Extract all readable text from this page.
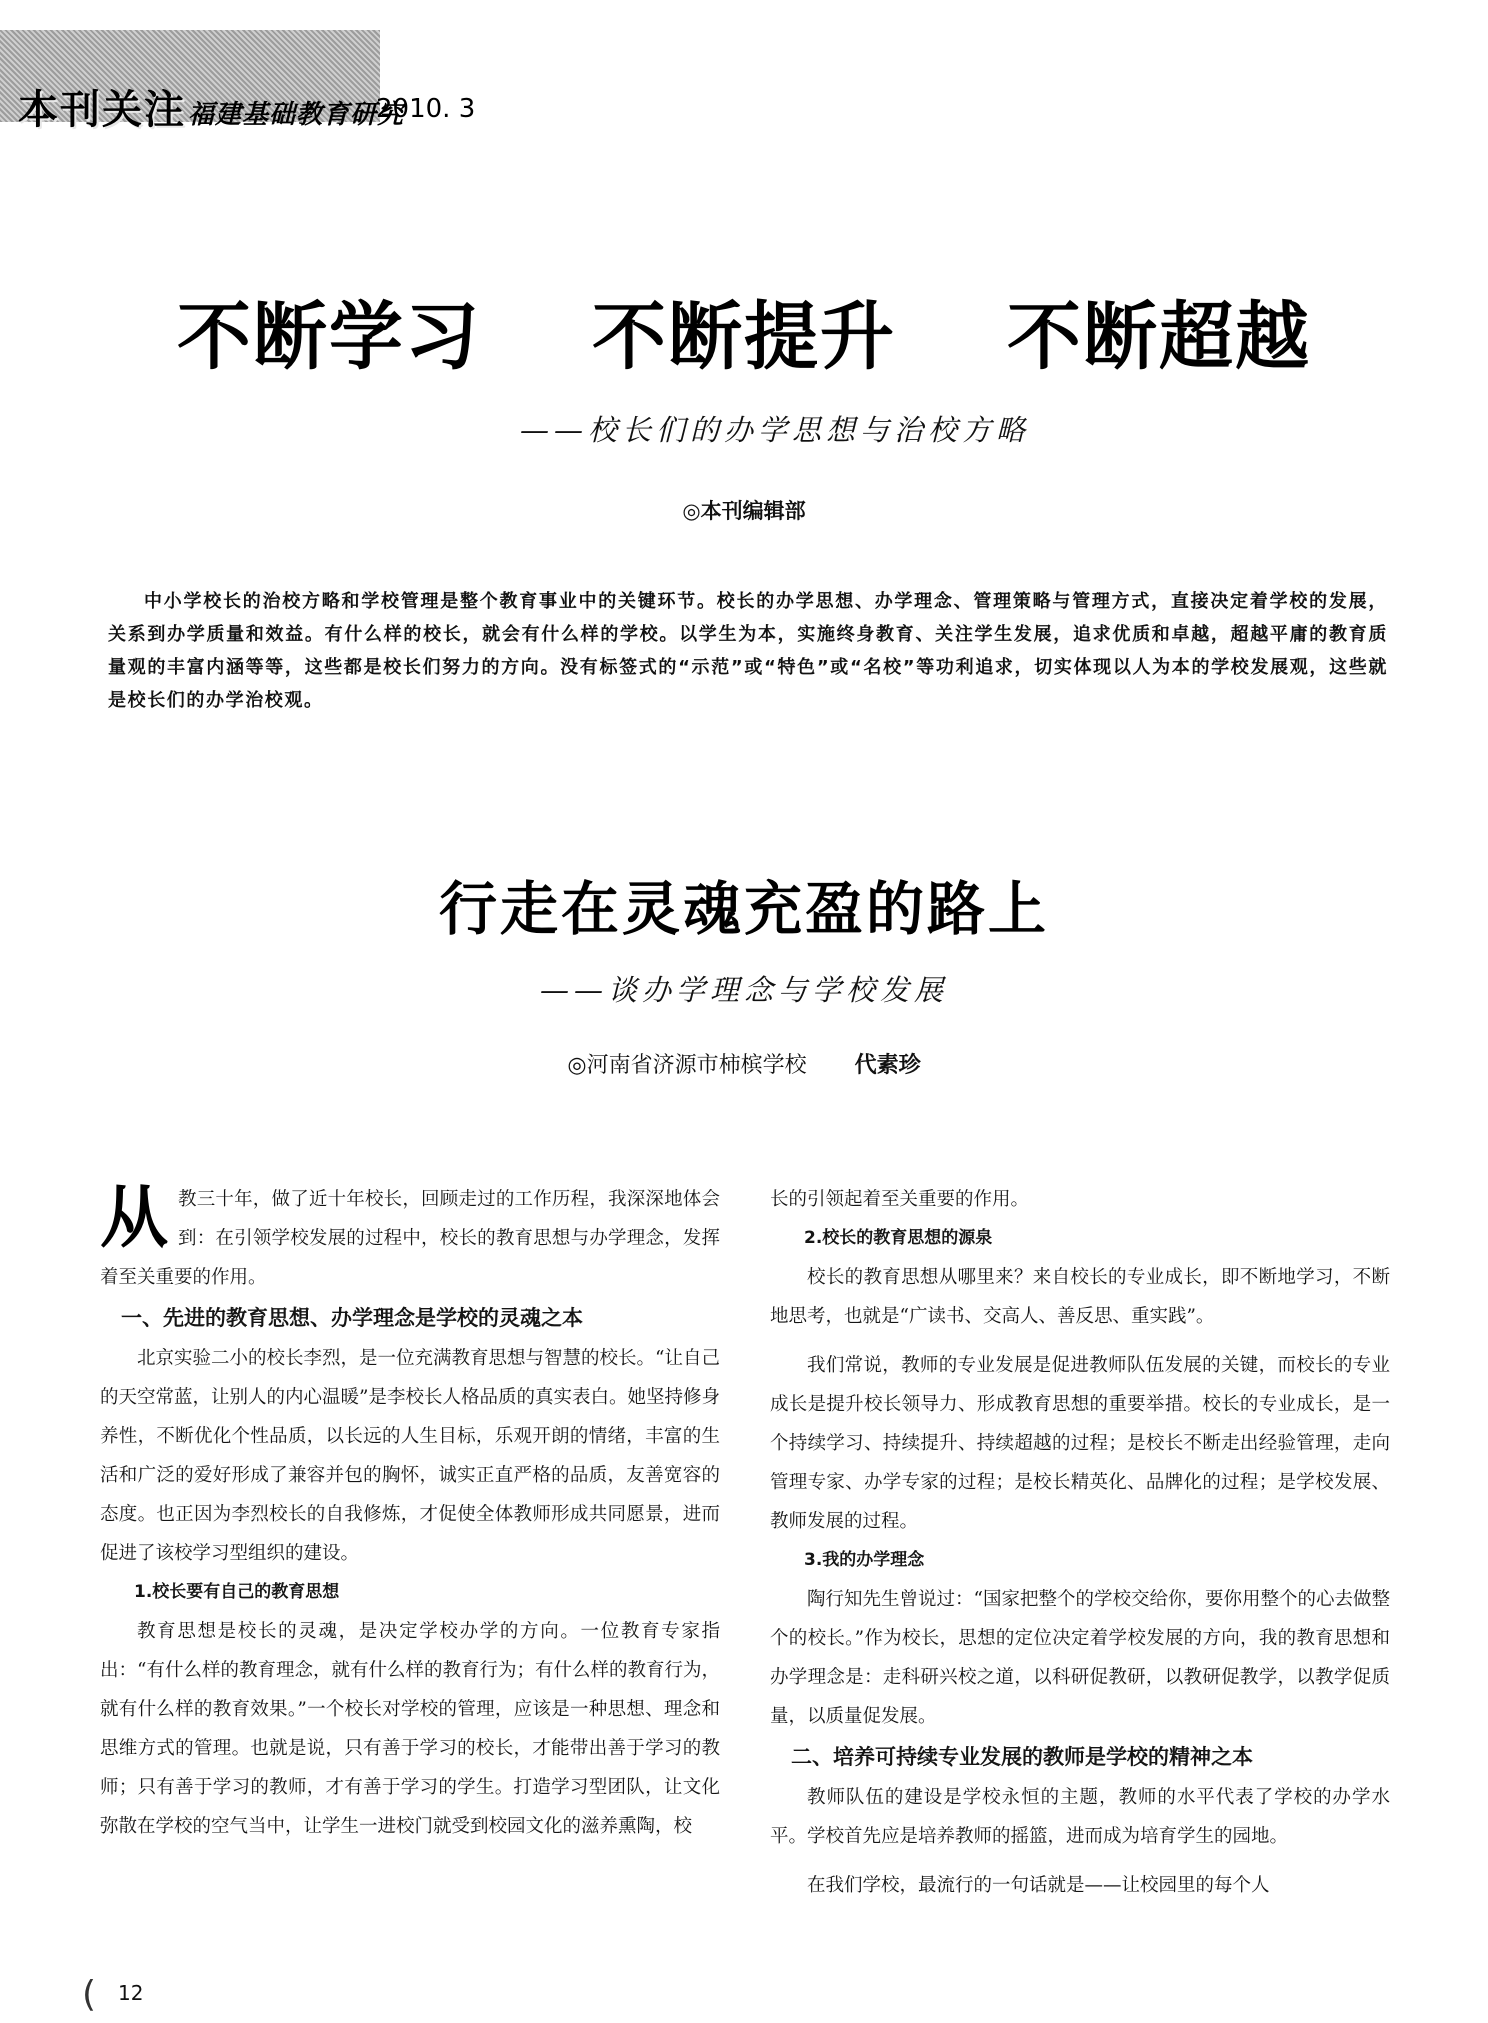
本刊关注 福建基础教育研究
2010. 3
不断学习    不断提升    不断超越
——校长们的办学思想与治校方略
◎本刊编辑部
中小学校长的治校方略和学校管理是整个教育事业中的关键环节。校长的办学思想、办学理念、管理策略与管理方式，直接决定着学校的发展，关系到办学质量和效益。有什么样的校长，就会有什么样的学校。以学生为本，实施终身教育、关注学生发展，追求优质和卓越，超越平庸的教育质量观的丰富内涵等等，这些都是校长们努力的方向。没有标签式的“示范”或“特色”或“名校”等功利追求，切实体现以人为本的学校发展观，这些就是校长们的办学治校观。
行走在灵魂充盈的路上
——谈办学理念与学校发展
◎河南省济源市柿槟学校 代素珍

从教三十年，做了近十年校长，回顾走过的工作历程，我深深地体会到：在引领学校发展的过程中，校长的教育思想与办学理念，发挥着至关重要的作用。

一、先进的教育思想、办学理念是学校的灵魂之本

北京实验二小的校长李烈，是一位充满教育思想与智慧的校长。“让自己的天空常蓝，让别人的内心温暖”是李校长人格品质的真实表白。她坚持修身养性，不断优化个性品质，以长远的人生目标，乐观开朗的情绪，丰富的生活和广泛的爱好形成了兼容并包的胸怀，诚实正直严格的品质，友善宽容的态度。也正因为李烈校长的自我修炼，才促使全体教师形成共同愿景，进而促进了该校学习型组织的建设。

1.校长要有自己的教育思想

教育思想是校长的灵魂，是决定学校办学的方向。一位教育专家指出：“有什么样的教育理念，就有什么样的教育行为；有什么样的教育行为，就有什么样的教育效果。”一个校长对学校的管理，应该是一种思想、理念和思维方式的管理。也就是说，只有善于学习的校长，才能带出善于学习的教师；只有善于学习的教师，才有善于学习的学生。打造学习型团队，让文化弥散在学校的空气当中，让学生一进校门就受到校园文化的滋养熏陶，校

长的引领起着至关重要的作用。

2.校长的教育思想的源泉

校长的教育思想从哪里来？来自校长的专业成长，即不断地学习，不断地思考，也就是“广读书、交高人、善反思、重实践”。

我们常说，教师的专业发展是促进教师队伍发展的关键，而校长的专业成长是提升校长领导力、形成教育思想的重要举措。校长的专业成长，是一个持续学习、持续提升、持续超越的过程；是校长不断走出经验管理，走向管理专家、办学专家的过程；是校长精英化、品牌化的过程；是学校发展、教师发展的过程。

3.我的办学理念

陶行知先生曾说过：“国家把整个的学校交给你，要你用整个的心去做整个的校长。”作为校长，思想的定位决定着学校发展的方向，我的教育思想和办学理念是：走科研兴校之道，以科研促教研，以教研促教学，以教学促质量，以质量促发展。

二、培养可持续专业发展的教师是学校的精神之本

教师队伍的建设是学校永恒的主题，教师的水平代表了学校的办学水平。学校首先应是培养教师的摇篮，进而成为培育学生的园地。

在我们学校，最流行的一句话就是——让校园里的每个人

( 12
